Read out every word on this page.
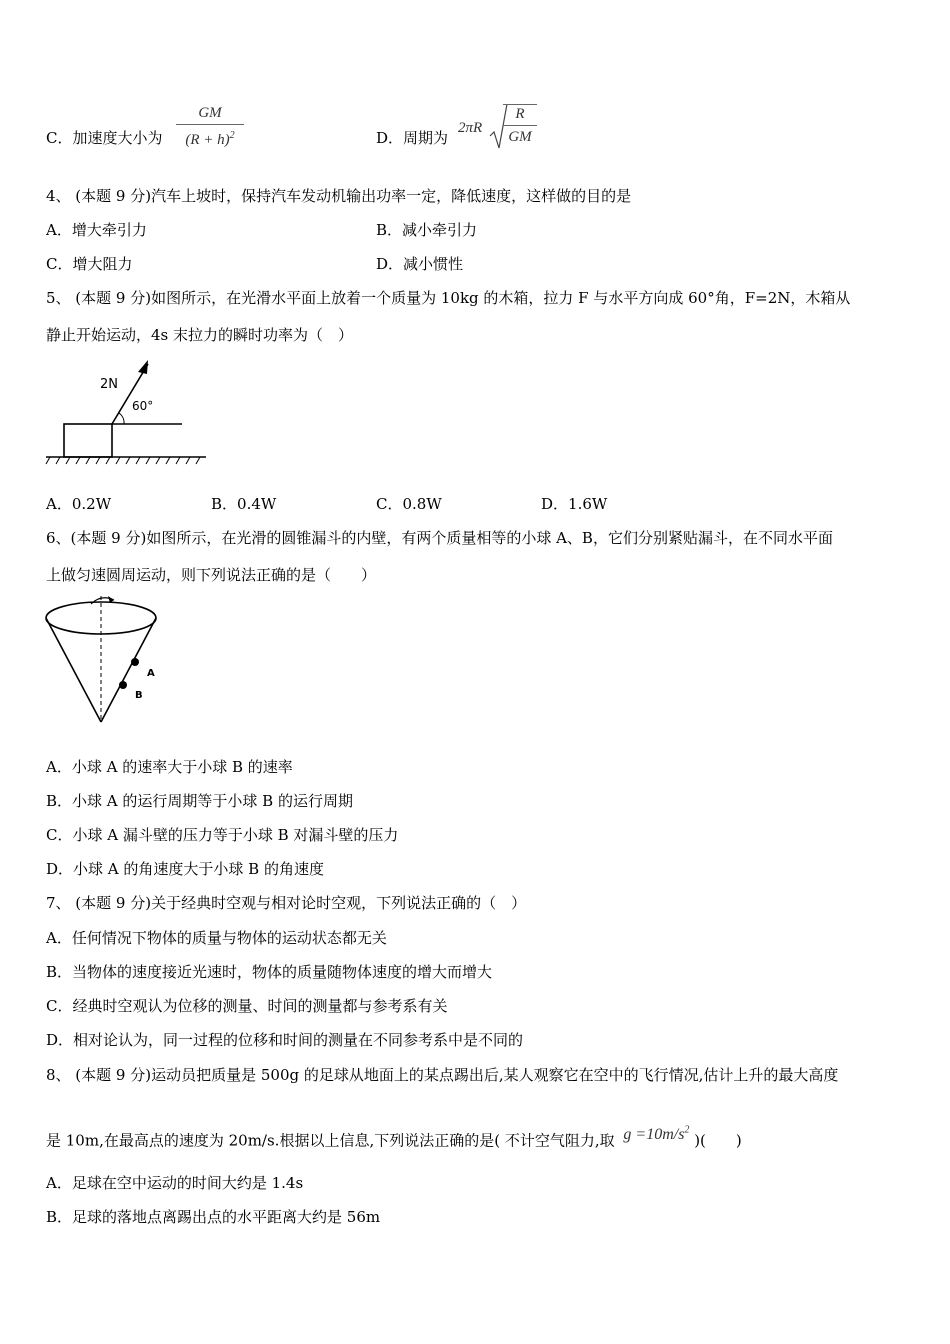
C．加速度大小为
GM
$(R + h)^2$	D．周期为
2πR
R
GM
4、 (本题 9 分)汽车上坡时，保持汽车发动机输出功率一定，降低速度，这样做的目的是
A．增大牵引力	B．减小牵引力
C．增大阻力	D．减小惯性
5、 (本题 9 分)如图所示，在光滑水平面上放着一个质量为 10kg 的木箱，拉力 F 与水平方向成 60°角，F=2N，木箱从
静止开始运动，4s 末拉力的瞬时功率为（　）
2N
60°
A．0.2W	B．0.4W	C．0.8W	D．1.6W
6、(本题 9 分)如图所示，在光滑的圆锥漏斗的内壁，有两个质量相等的小球 A、B，它们分别紧贴漏斗，在不同水平面
上做匀速圆周运动，则下列说法正确的是（　　）
A
B
A．小球 A 的速率大于小球 B 的速率
B．小球 A 的运行周期等于小球 B 的运行周期
C．小球 A 漏斗壁的压力等于小球 B 对漏斗壁的压力
D．小球 A 的角速度大于小球 B 的角速度
7、 (本题 9 分)关于经典时空观与相对论时空观，下列说法正确的（　）
A．任何情况下物体的质量与物体的运动状态都无关
B．当物体的速度接近光速时，物体的质量随物体速度的增大而增大
C．经典时空观认为位移的测量、时间的测量都与参考系有关
D．相对论认为，同一过程的位移和时间的测量在不同参考系中是不同的
8、 (本题 9 分)运动员把质量是 500g 的足球从地面上的某点踢出后,某人观察它在空中的飞行情况,估计上升的最大高度
是 10m,在最高点的速度为 20m/s.根据以上信息,下列说法正确的是( 不计空气阻力,取 $g =10m/s^2$ )(　　)
A．足球在空中运动的时间大约是 1.4s
B．足球的落地点离踢出点的水平距离大约是 56m
